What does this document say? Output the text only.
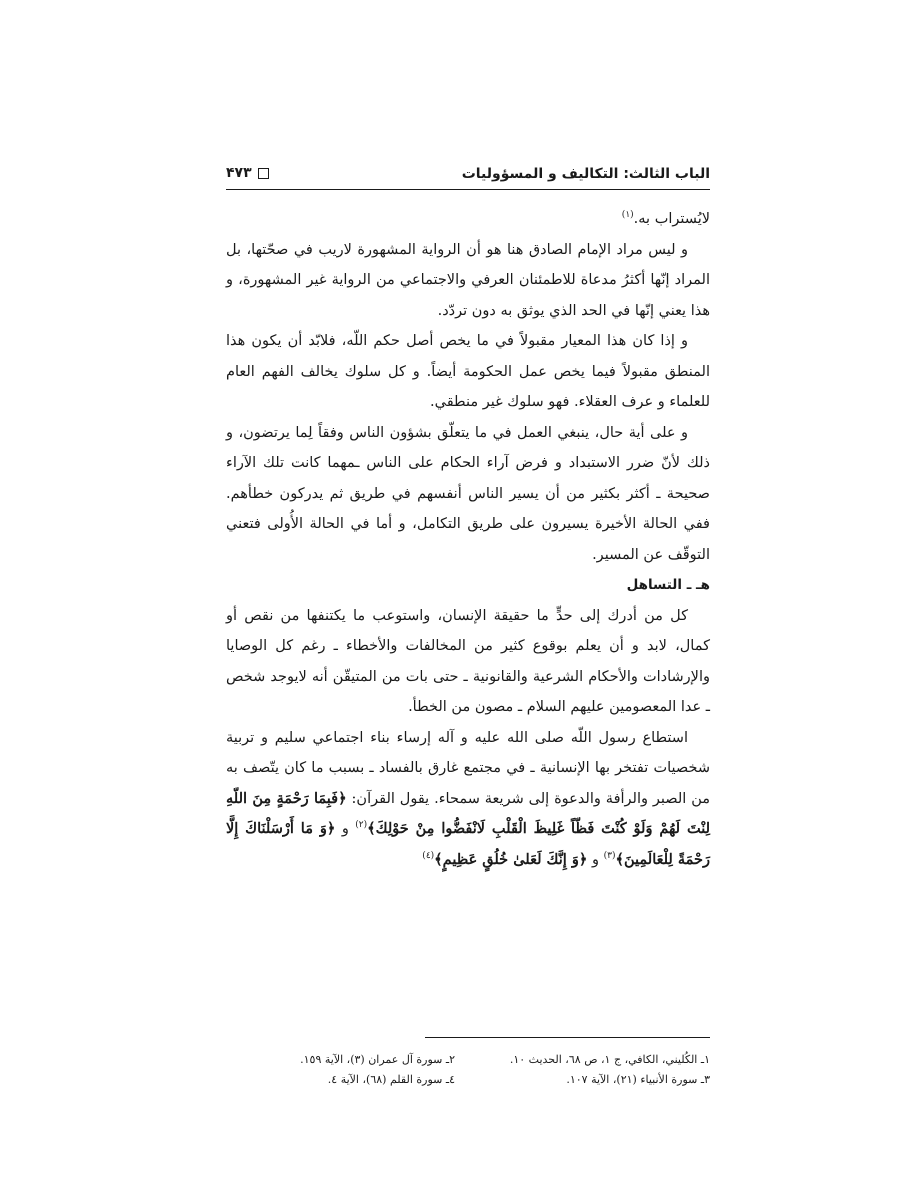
الباب الثالث: التكاليف و المسؤوليات
۴٧٣

لايُستراب به.$^{(١)}$

و ليس مراد الإمام الصادق هنا هو أن الرواية المشهورة لاريب في صحّتها، بل المراد إنّها أكثرُ مدعاة للاطمئنان العرفي والاجتماعي من الرواية غير المشهورة، و هذا يعني إنّها في الحد الذي يوثق به دون تردّد.

و إذا كان هذا المعيار مقبولاً في ما يخص أصل حكم اللّه، فلابّد أن يكون هذا المنطق مقبولاً فيما يخص عمل الحكومة أيضاً. و كل سلوك يخالف الفهم العام للعلماء و عرف العقلاء. فهو سلوك غير منطقي.

و على أية حال، ينبغي العمل في ما يتعلّق بشؤون الناس وفقاً لِما يرتضون، و ذلك لأنّ ضرر الاستبداد و فرض آراء الحكام على الناس ـمهما كانت تلك الآراء صحيحة ـ أكثر بكثير من أن يسير الناس أنفسهم في طريق ثم يدركون خطأهم. ففي الحالة الأخيرة يسيرون على طريق التكامل، و أما في الحالة الأُولى فتعني التوقّف عن المسير.

هـ ـ التساهل

كل من أدرك إلى حدٍّ ما حقيقة الإنسان، واستوعب ما يكتنفها من نقص أو كمال، لابد و أن يعلم بوقوع كثير من المخالفات والأخطاء ـ رغم كل الوصايا والإرشادات والأحكام الشرعية والقانونية ـ حتى بات من المتيقّن أنه لايوجد شخص ـ عدا المعصومين عليهم السلام ـ مصون من الخطأ.

استطاع رسول اللّه صلى الله عليه و آله إرساء بناء اجتماعي سليم و تربية شخصيات تفتخر بها الإنسانية ـ في مجتمع غارق بالفساد ـ بسبب ما كان يتّصف به من الصبر والرأفة والدعوة إلى شريعة سمحاء. يقول القرآن: ﴿فَبِمَا رَحْمَةٍ مِنَ اللّهِ لِنْتَ لَهُمْ وَلَوْ كُنْتَ فَظّاً غَلِيظَ الْقَلْبِ لَانْفَضُّوا مِنْ حَوْلِكَ﴾$^{(٢)}$ و ﴿وَ مَا أَرْسَلْنَاكَ إِلَّا رَحْمَةً لِلْعَالَمِينَ﴾$^{(٣)}$ و ﴿وَ إِنَّكَ لَعَلىٰ خُلُقٍ عَظِيمٍ﴾$^{(٤)}$

١ـ الكُليني، الكافي، ج ١، ص ٦٨، الحديث ١٠.
٢ـ سورة آل عمران (٣)، الآية ١٥٩.
٣ـ سورة الأنبياء (٢١)، الآية ١٠٧.
٤ـ سورة القلم (٦٨)، الآية ٤.
